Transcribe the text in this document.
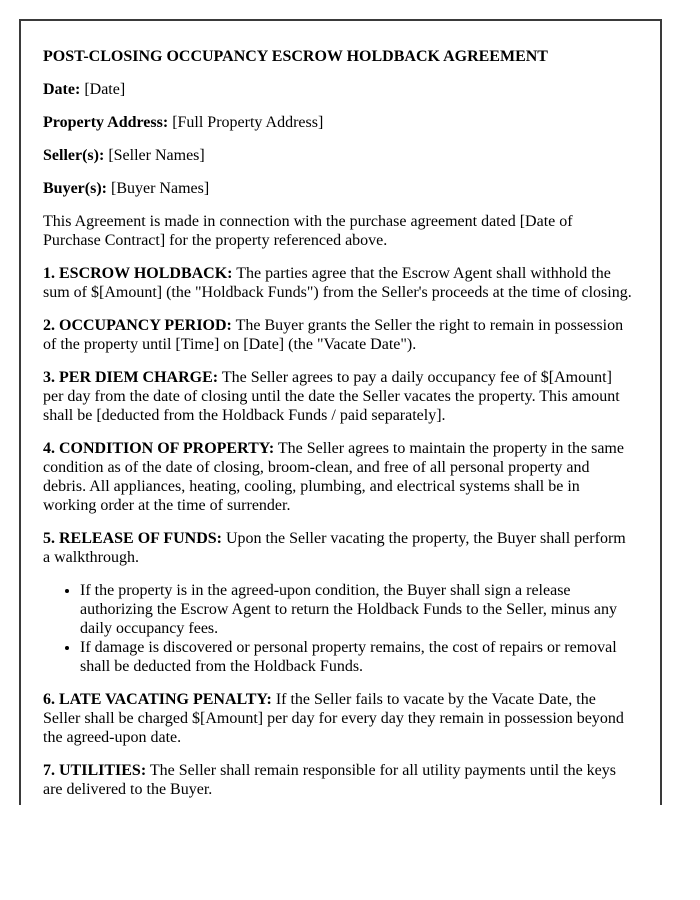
POST-CLOSING OCCUPANCY ESCROW HOLDBACK AGREEMENT

Date: [Date]

Property Address: [Full Property Address]

Seller(s): [Seller Names]

Buyer(s): [Buyer Names]

This Agreement is made in connection with the purchase agreement dated [Date of Purchase Contract] for the property referenced above.

1. ESCROW HOLDBACK: The parties agree that the Escrow Agent shall withhold the sum of $[Amount] (the "Holdback Funds") from the Seller's proceeds at the time of closing.

2. OCCUPANCY PERIOD: The Buyer grants the Seller the right to remain in possession of the property until [Time] on [Date] (the "Vacate Date").

3. PER DIEM CHARGE: The Seller agrees to pay a daily occupancy fee of $[Amount] per day from the date of closing until the date the Seller vacates the property. This amount shall be [deducted from the Holdback Funds / paid separately].

4. CONDITION OF PROPERTY: The Seller agrees to maintain the property in the same condition as of the date of closing, broom-clean, and free of all personal property and debris. All appliances, heating, cooling, plumbing, and electrical systems shall be in working order at the time of surrender.

5. RELEASE OF FUNDS: Upon the Seller vacating the property, the Buyer shall perform a walkthrough.

• If the property is in the agreed-upon condition, the Buyer shall sign a release authorizing the Escrow Agent to return the Holdback Funds to the Seller, minus any daily occupancy fees.
• If damage is discovered or personal property remains, the cost of repairs or removal shall be deducted from the Holdback Funds.

6. LATE VACATING PENALTY: If the Seller fails to vacate by the Vacate Date, the Seller shall be charged $[Amount] per day for every day they remain in possession beyond the agreed-upon date.

7. UTILITIES: The Seller shall remain responsible for all utility payments until the keys are delivered to the Buyer.
